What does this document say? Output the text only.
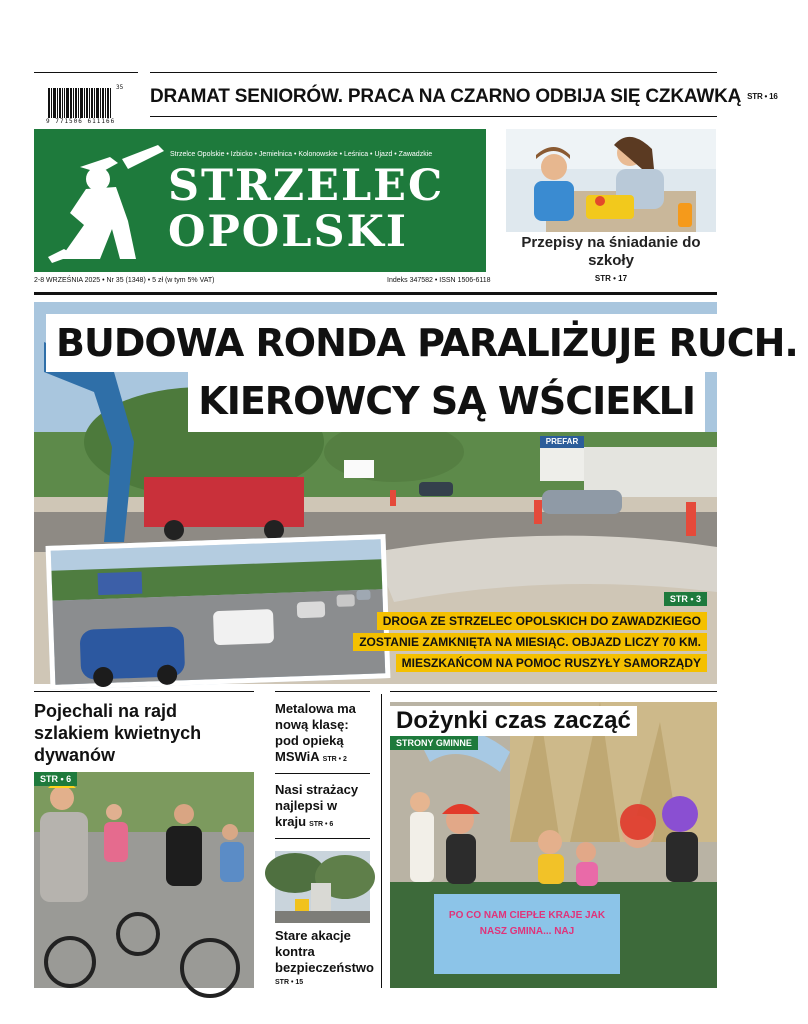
35
9 771506 611166
DRAMAT SENIORÓW. PRACA NA CZARNO ODBIJA SIĘ CZKAWKĄ STR • 16
Strzelce Opolskie • Izbicko • Jemielnica • Kolonowskie • Leśnica • Ujazd • Zawadzkie
STRZELEC
OPOLSKI
2-8 WRZEŚNIA 2025 • Nr 35 (1348) • 5 zł (w tym 5% VAT)	Indeks 347582 • ISSN 1506-6118
Przepisy na śniadanie do szkoły
STR • 17
PREFAR
BUDOWA RONDA PARALIŻUJE RUCH.
KIEROWCY SĄ WŚCIEKLI
STR • 3
DROGA ZE STRZELEC OPOLSKICH DO ZAWADZKIEGO
ZOSTANIE ZAMKNIĘTA NA MIESIĄC. OBJAZD LICZY 70 KM.
MIESZKAŃCOM NA POMOC RUSZYŁY SAMORZĄDY
Pojechali na rajd szlakiem kwietnych dywanów
STR • 6
Metalowa ma nową klasę: pod opieką MSWiA STR • 2
Nasi strażacy najlepsi w kraju STR • 6
Stare akacje kontra bezpieczeństwo
STR • 15
PO CO NAM CIEPŁE KRAJE JAK NASZ GMINA... NAJ
Dożynki czas zacząć
STRONY GMINNE
